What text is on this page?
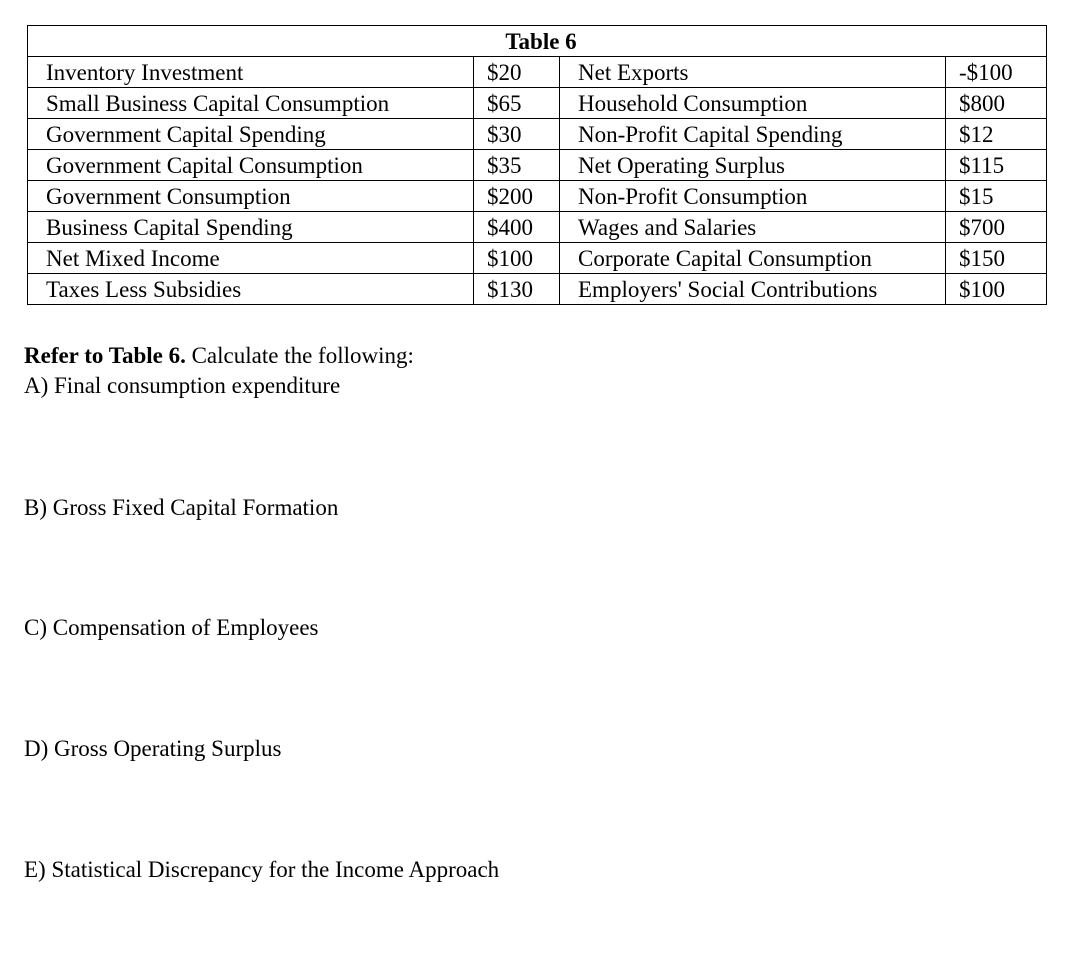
Table 6			
Inventory Investment	$20	Net Exports	-$100
Small Business Capital Consumption	$65	Household Consumption	$800
Government Capital Spending	$30	Non-Profit Capital Spending	$12
Government Capital Consumption	$35	Net Operating Surplus	$115
Government Consumption	$200	Non-Profit Consumption	$15
Business Capital Spending	$400	Wages and Salaries	$700
Net Mixed Income	$100	Corporate Capital Consumption	$150
Taxes Less Subsidies	$130	Employers' Social Contributions	$100
Refer to Table 6. Calculate the following:
A) Final consumption expenditure
B) Gross Fixed Capital Formation
C) Compensation of Employees
D) Gross Operating Surplus
E) Statistical Discrepancy for the Income Approach
